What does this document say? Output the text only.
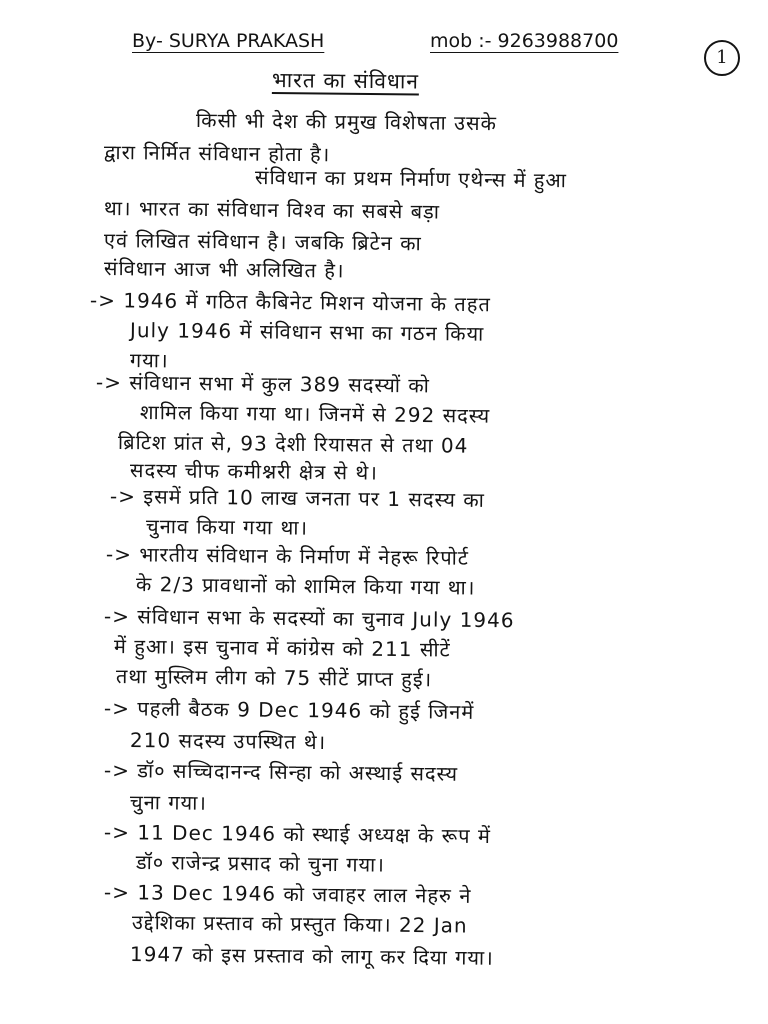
By- SURYA PRAKASH	mob :- 9263988700
1
भारत का संविधान
किसी भी देश की प्रमुख विशेषता उसके
द्वारा निर्मित संविधान होता है।
संविधान का प्रथम निर्माण एथेन्स में हुआ
था। भारत का संविधान विश्व का सबसे बड़ा
एवं लिखित संविधान है। जबकि ब्रिटेन का
संविधान आज भी अलिखित है।
-> 1946 में गठित कैबिनेट मिशन योजना के तहत
July 1946 में संविधान सभा का गठन किया
गया।
-> संविधान सभा में कुल 389 सदस्यों को
शामिल किया गया था। जिनमें से 292 सदस्य
ब्रिटिश प्रांत से, 93 देशी रियासत से तथा 04
सदस्य चीफ कमीश्नरी क्षेत्र से थे।
-> इसमें प्रति 10 लाख जनता पर 1 सदस्य का
चुनाव किया गया था।
-> भारतीय संविधान के निर्माण में नेहरू रिपोर्ट
के 2/3 प्रावधानों को शामिल किया गया था।
-> संविधान सभा के सदस्यों का चुनाव July 1946
में हुआ। इस चुनाव में कांग्रेस को 211 सीटें
तथा मुस्लिम लीग को 75 सीटें प्राप्त हुई।
-> पहली बैठक 9 Dec 1946 को हुई जिनमें
210 सदस्य उपस्थित थे।
-> डॉ० सच्चिदानन्द सिन्हा को अस्थाई सदस्य
चुना गया।
-> 11 Dec 1946 को स्थाई अध्यक्ष के रूप में
डॉ० राजेन्द्र प्रसाद को चुना गया।
-> 13 Dec 1946 को जवाहर लाल नेहरु ने
उद्देशिका प्रस्ताव को प्रस्तुत किया। 22 Jan
1947 को इस प्रस्ताव को लागू कर दिया गया।
